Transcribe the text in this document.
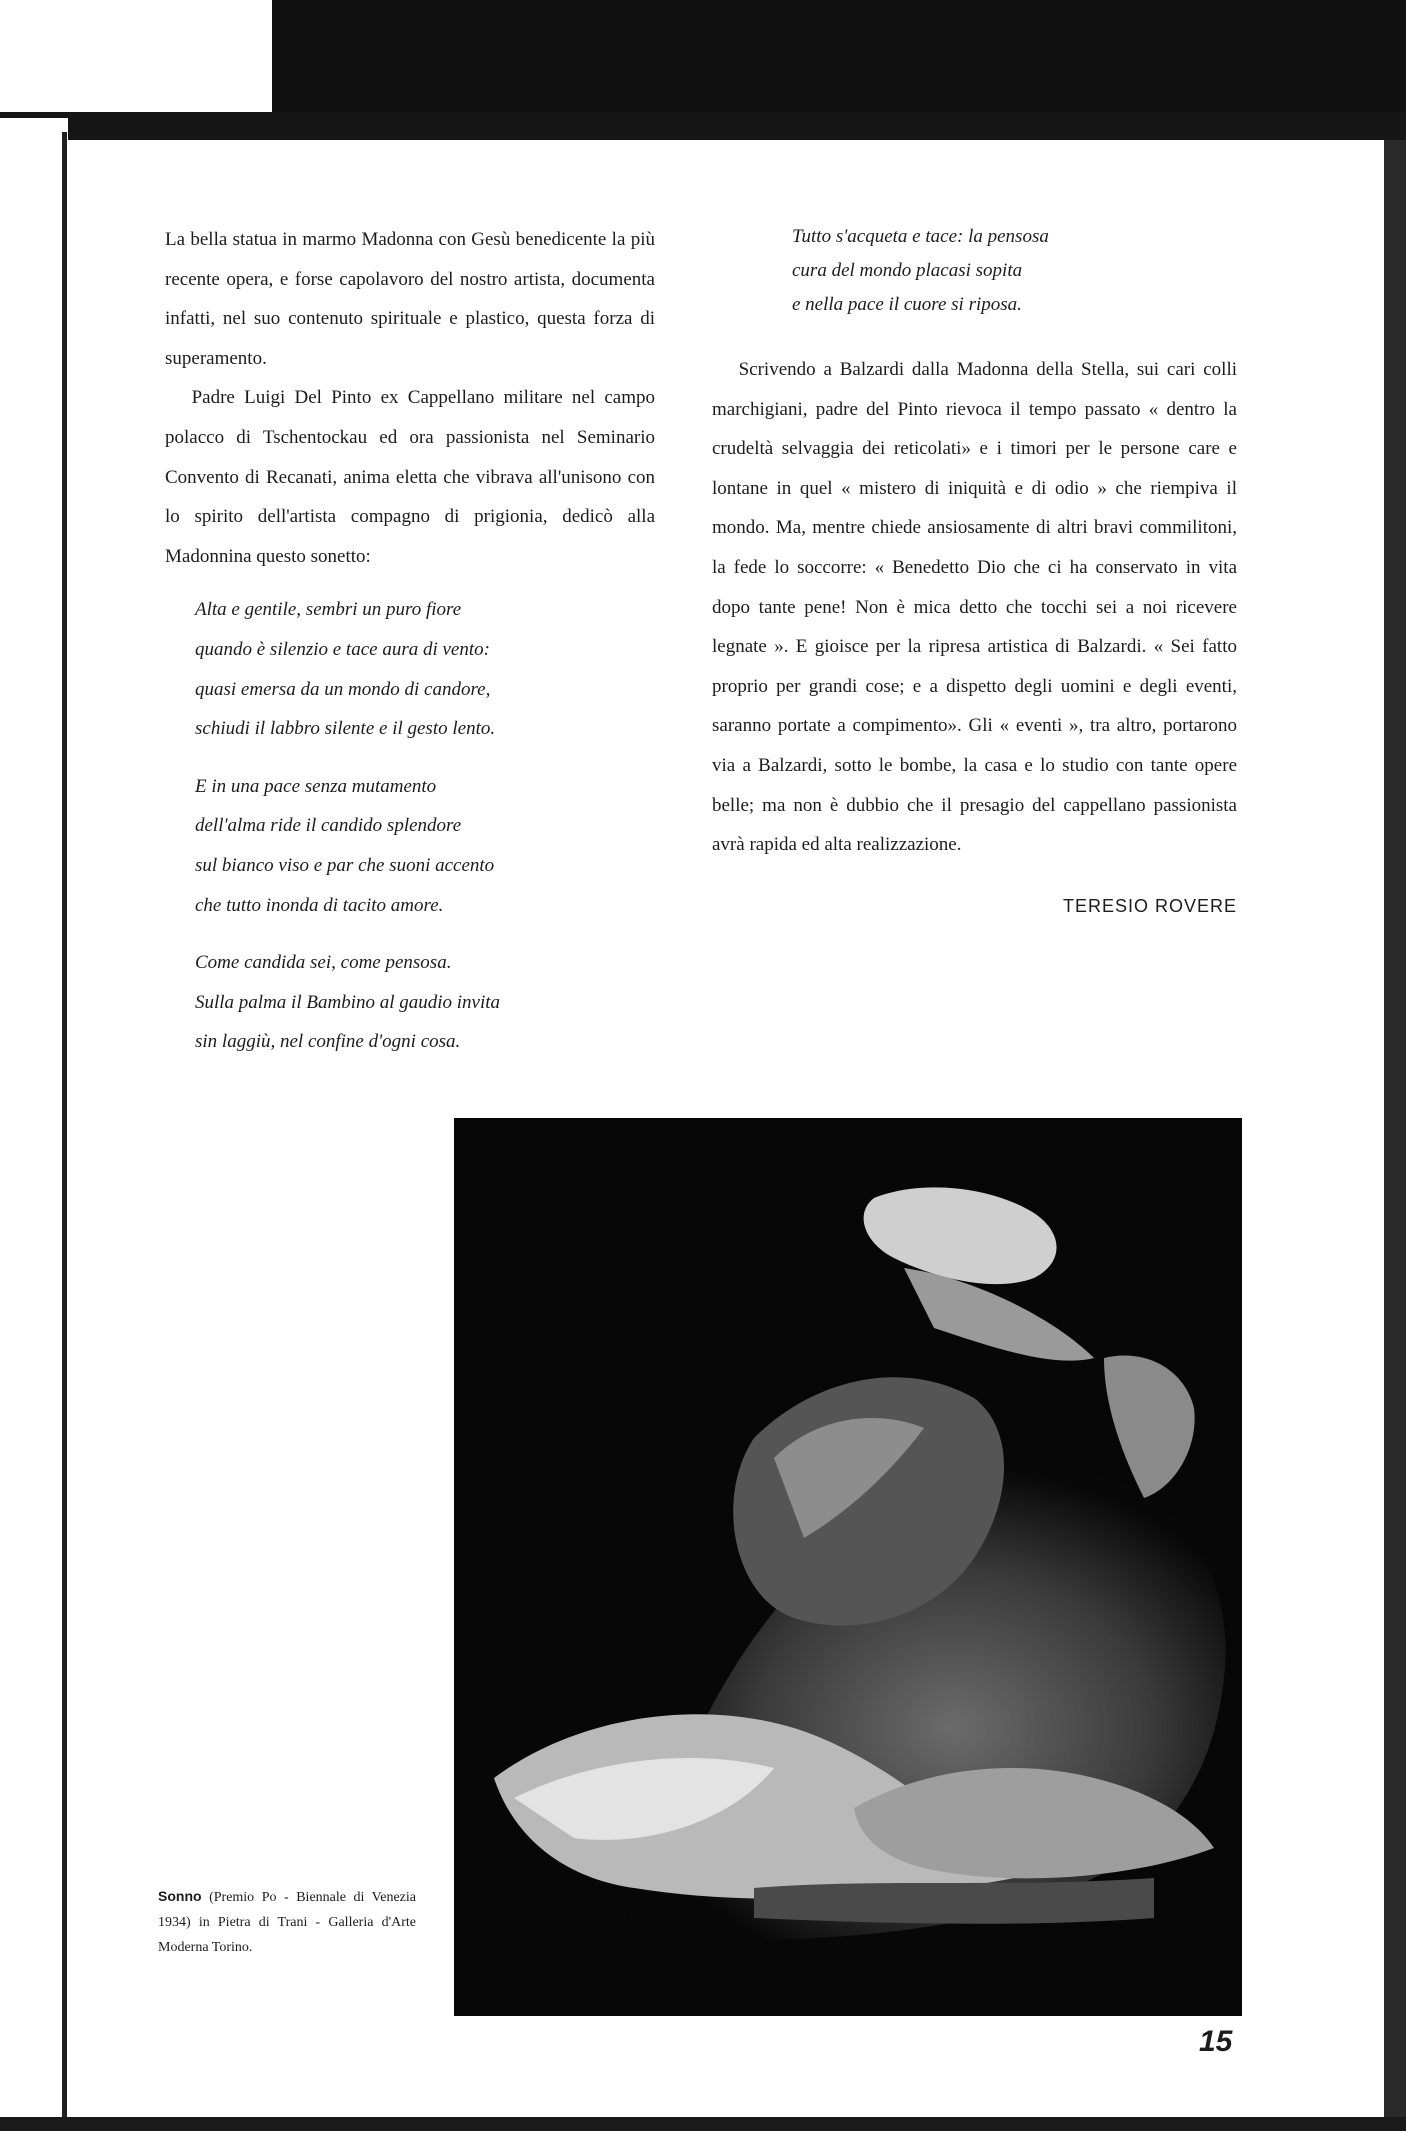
La bella statua in marmo Madonna con Gesù benedicente la più recente opera, e forse capolavoro del nostro artista, documenta infatti, nel suo contenuto spirituale e plastico, questa forza di superamento.

Padre Luigi Del Pinto ex Cappellano militare nel campo polacco di Tschentockau ed ora passionista nel Seminario Convento di Recanati, anima eletta che vibrava all'unisono con lo spirito dell'artista compagno di prigionia, dedicò alla Madonnina questo sonetto:

Alta e gentile, sembri un puro fiore

quando è silenzio e tace aura di vento:

quasi emersa da un mondo di candore,

schiudi il labbro silente e il gesto lento.

E in una pace senza mutamento

dell'alma ride il candido splendore

sul bianco viso e par che suoni accento

che tutto inonda di tacito amore.

Come candida sei, come pensosa.

Sulla palma il Bambino al gaudio invita

sin laggiù, nel confine d'ogni cosa.

Tutto s'acqueta e tace: la pensosa

cura del mondo placasi sopita

e nella pace il cuore si riposa.

Scrivendo a Balzardi dalla Madonna della Stella, sui cari colli marchigiani, padre del Pinto rievoca il tempo passato « dentro la crudeltà selvaggia dei reticolati» e i timori per le persone care e lontane in quel « mistero di iniquità e di odio » che riempiva il mondo. Ma, mentre chiede ansiosamente di altri bravi commilitoni, la fede lo soccorre: « Benedetto Dio che ci ha conservato in vita dopo tante pene! Non è mica detto che tocchi sei a noi ricevere legnate ». E gioisce per la ripresa artistica di Balzardi. « Sei fatto proprio per grandi cose; e a dispetto degli uomini e degli eventi, saranno portate a compimento». Gli « eventi », tra altro, portarono via a Balzardi, sotto le bombe, la casa e lo studio con tante opere belle; ma non è dubbio che il presagio del cappellano passionista avrà rapida ed alta realizzazione.

TERESIO ROVERE

Sonno (Premio Po - Biennale di Venezia 1934) in Pietra di Trani - Galleria d'Arte Moderna Torino.
15
